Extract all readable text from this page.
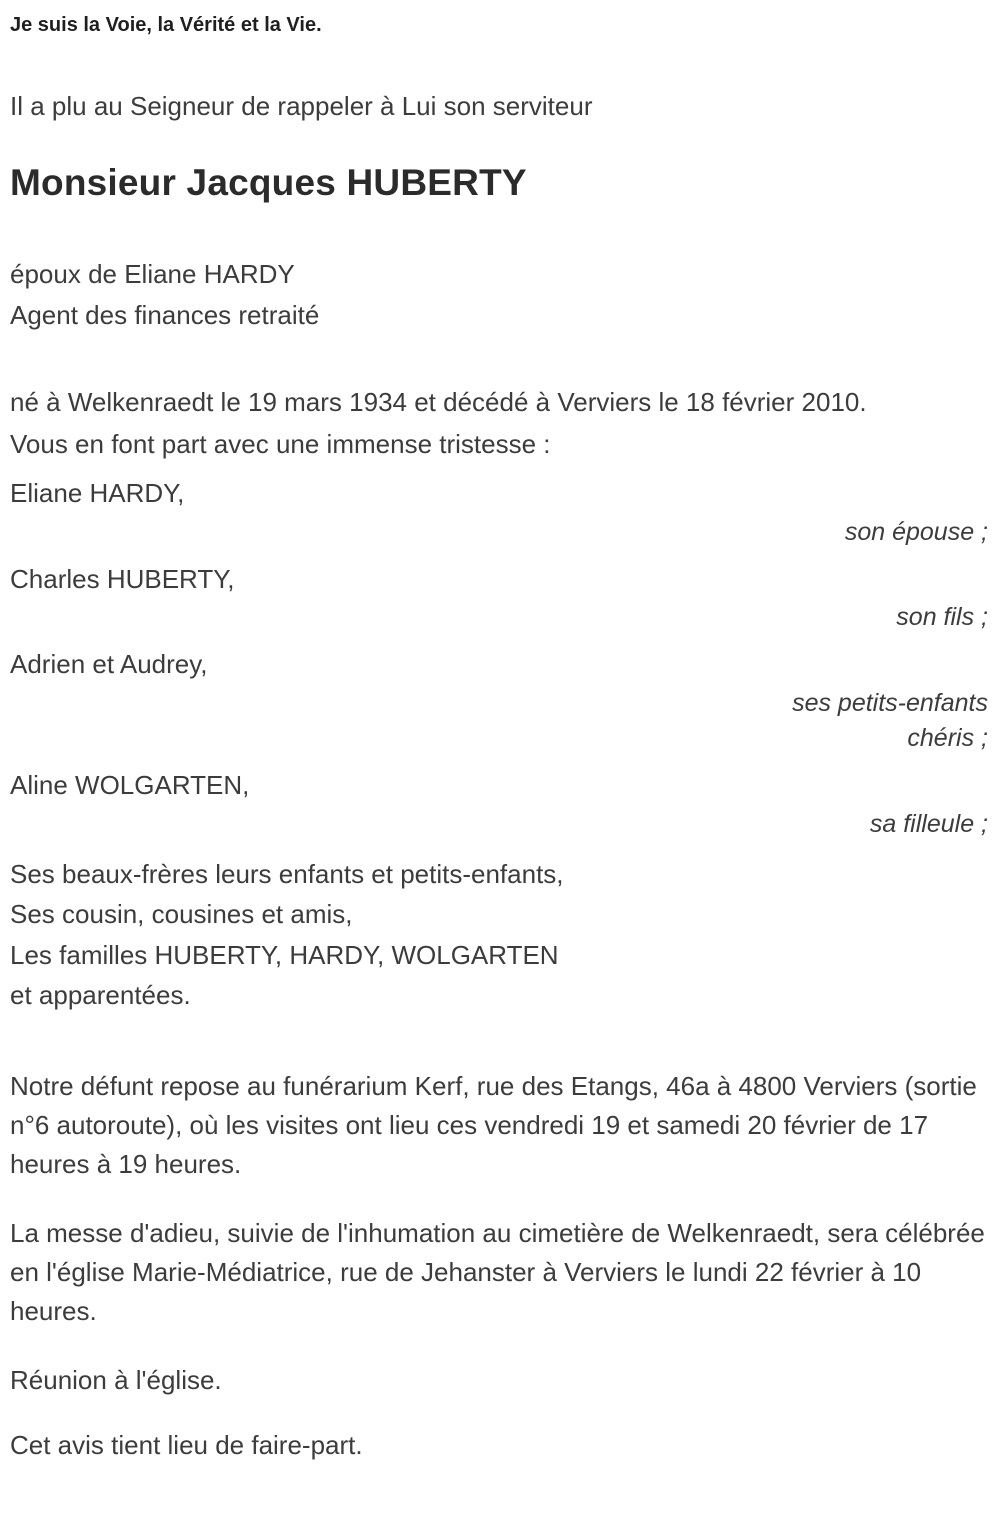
Je suis la Voie, la Vérité et la Vie.

Il a plu au Seigneur de rappeler à Lui son serviteur

Monsieur Jacques HUBERTY
époux de Eliane HARDY
Agent des finances retraité

né à Welkenraedt le 19 mars 1934 et décédé à Verviers le 18 février 2010.

Vous en font part avec une immense tristesse :

Eliane HARDY,
son épouse ;
Charles HUBERTY,
son fils ;
Adrien et Audrey,
ses petits-enfants chéris ;
Aline WOLGARTEN,
sa filleule ;
Ses beaux-frères leurs enfants et petits-enfants,
Ses cousin, cousines et amis,
Les familles HUBERTY, HARDY, WOLGARTEN
et apparentées.

Notre défunt repose au funérarium Kerf, rue des Etangs, 46a à 4800 Verviers (sortie n°6 autoroute), où les visites ont lieu ces vendredi 19 et samedi 20 février de 17 heures à 19 heures.

La messe d'adieu, suivie de l'inhumation au cimetière de Welkenraedt, sera célébrée en l'église Marie-Médiatrice, rue de Jehanster à Verviers le lundi 22 février à 10 heures.

Réunion à l'église.

Cet avis tient lieu de faire-part.
